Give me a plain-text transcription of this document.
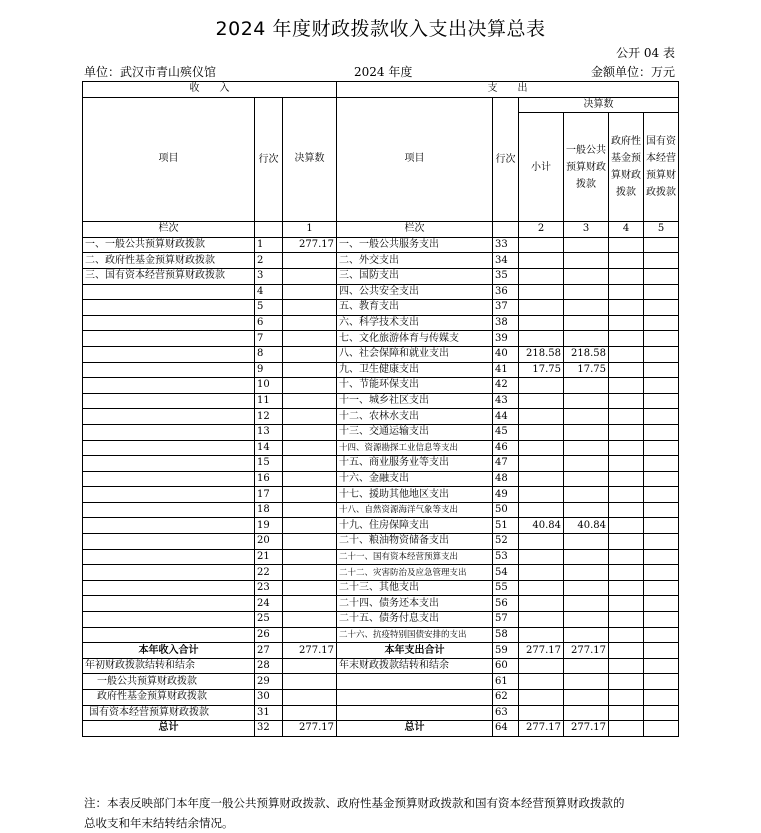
2024 年度财政拨款收入支出决算总表
公开 04 表
单位：武汉市青山殡仪馆	2024 年度	金额单位：万元
收　　入			支　　出					
项目	行次	决算数	项目	行次	决算数			
					小计	一般公共预算财政拨款	政府性基金预算财政拨款	国有资本经营预算财政拨款
栏次		1	栏次		2	3	4	5
一、一般公共预算财政拨款	1	277.17	一、一般公共服务支出	33				
二、政府性基金预算财政拨款	2		二、外交支出	34				
三、国有资本经营预算财政拨款	3		三、国防支出	35				
	4		四、公共安全支出	36				
	5		五、教育支出	37				
	6		六、科学技术支出	38				
	7		七、文化旅游体育与传媒支	39				
	8		八、社会保障和就业支出	40	218.58	218.58		
	9		九、卫生健康支出	41	17.75	17.75		
	10		十、节能环保支出	42				
	11		十一、城乡社区支出	43				
	12		十二、农林水支出	44				
	13		十三、交通运输支出	45				
	14		十四、资源勘探工业信息等支出	46				
	15		十五、商业服务业等支出	47				
	16		十六、金融支出	48				
	17		十七、援助其他地区支出	49				
	18		十八、自然资源海洋气象等支出	50				
	19		十九、住房保障支出	51	40.84	40.84		
	20		二十、粮油物资储备支出	52				
	21		二十一、国有资本经营预算支出	53				
	22		二十二、灾害防治及应急管理支出	54				
	23		二十三、其他支出	55				
	24		二十四、债务还本支出	56				
	25		二十五、债务付息支出	57				
	26		二十六、抗疫特别国债安排的支出	58				
本年收入合计	27	277.17	本年支出合计	59	277.17	277.17		
年初财政拨款结转和结余	28		年末财政拨款结转和结余	60				
一般公共预算财政拨款	29			61				
政府性基金预算财政拨款	30			62				
国有资本经营预算财政拨款	31			63				
总计	32	277.17	总计	64	277.17	277.17		
注：本表反映部门本年度一般公共预算财政拨款、政府性基金预算财政拨款和国有资本经营预算财政拨款的
总收支和年末结转结余情况。
